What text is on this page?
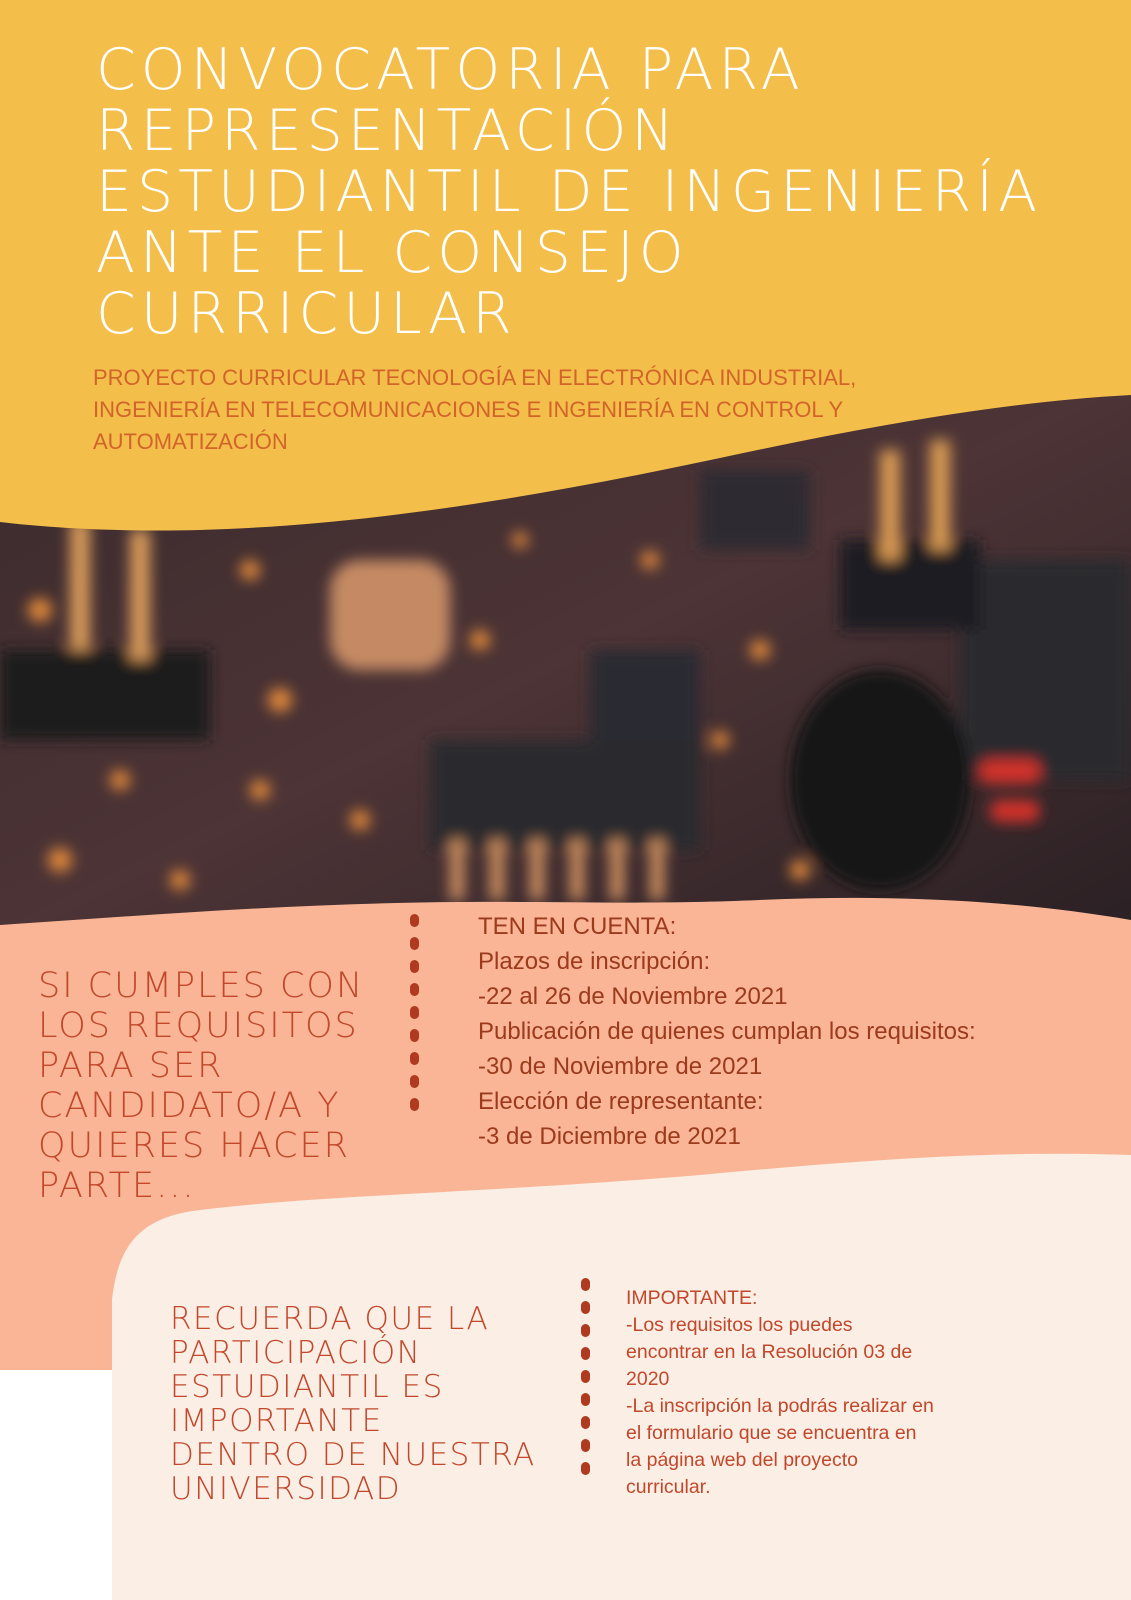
CONVOCATORIA PARA
REPRESENTACIÓN
ESTUDIANTIL DE INGENIERÍA
ANTE EL CONSEJO
CURRICULAR

PROYECTO CURRICULAR TECNOLOGÍA EN ELECTRÓNICA INDUSTRIAL,
INGENIERÍA EN TELECOMUNICACIONES E INGENIERÍA EN CONTROL Y
AUTOMATIZACIÓN

SI CUMPLES CON
LOS REQUISITOS
PARA SER
CANDIDATO/A Y
QUIERES HACER
PARTE...

TEN EN CUENTA:
Plazos de inscripción:
-22 al 26 de Noviembre 2021
Publicación de quienes cumplan los requisitos:
-30 de Noviembre de 2021
Elección de representante:
-3 de Diciembre de 2021

RECUERDA QUE LA
PARTICIPACIÓN
ESTUDIANTIL ES
IMPORTANTE
DENTRO DE NUESTRA
UNIVERSIDAD

IMPORTANTE:
-Los requisitos los puedes
encontrar en la Resolución 03 de
2020
-La inscripción la podrás realizar en
el formulario que se encuentra en
la página web del proyecto
curricular.
